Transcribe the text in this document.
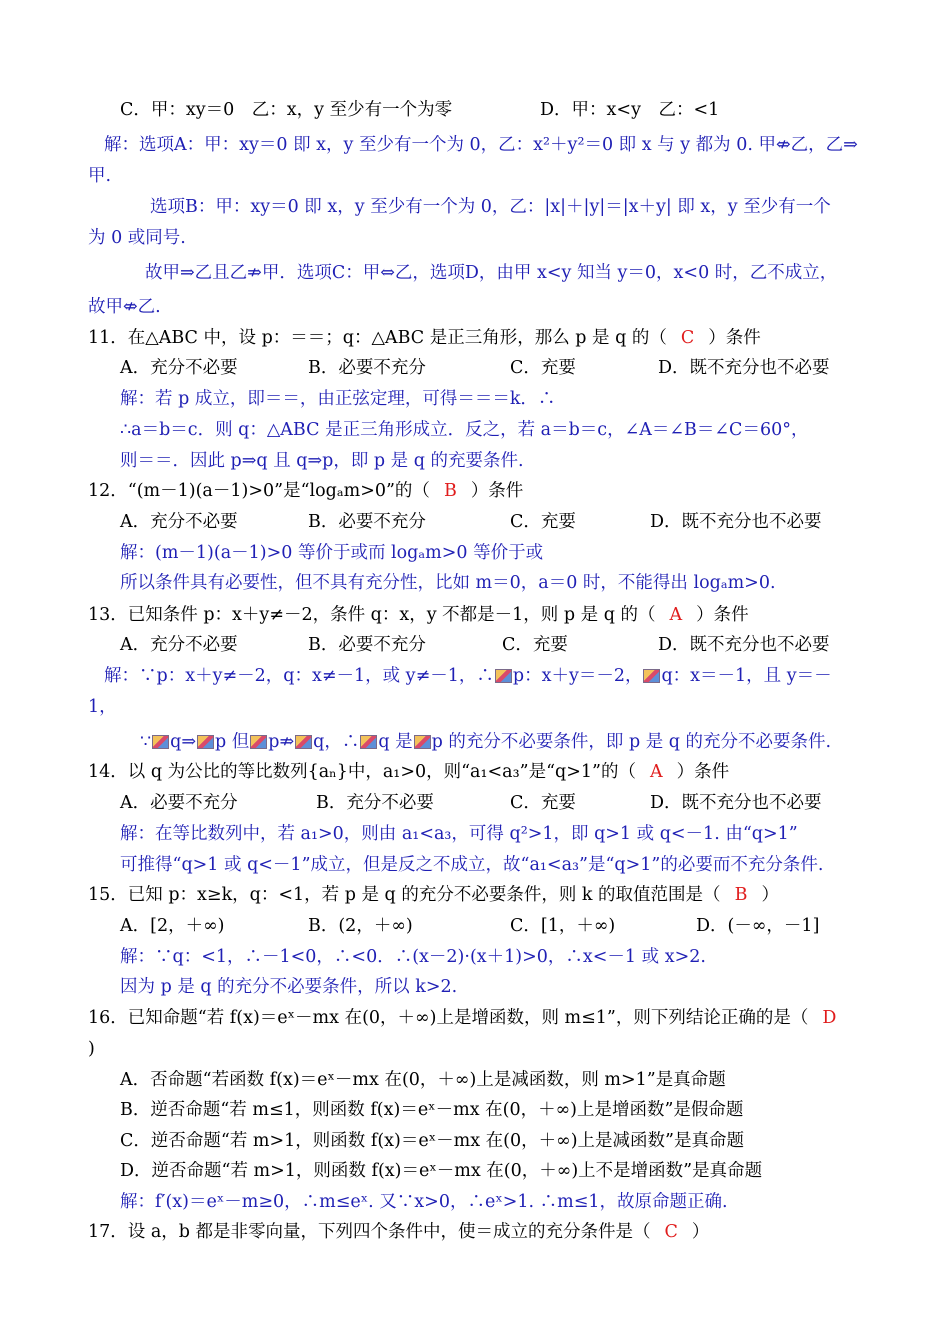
C．甲：xy＝0　乙：x，y 至少有一个为零	D．甲：x<y　乙：<1
解：选项A：甲：xy＝0 即 x，y 至少有一个为 0，乙：x²＋y²＝0 即 x 与 y 都为 0. 甲⇎乙，乙⇒
甲.
选项B：甲：xy＝0 即 x，y 至少有一个为 0，乙：|x|＋|y|＝|x＋y| 即 x，y 至少有一个
为 0 或同号.
故甲⇒乙且乙⇏甲．选项C：甲⇔乙，选项D，由甲 x<y 知当 y＝0，x<0 时，乙不成立，
故甲⇎乙.
11．在△ABC 中，设 p：＝＝；q：△ABC 是正三角形，那么 p 是 q 的（ C ）条件
A．充分不必要	B．必要不充分	C．充要	D．既不充分也不必要
解：若 p 成立，即＝＝，由正弦定理，可得＝＝＝k．∴
∴a＝b＝c．则 q：△ABC 是正三角形成立．反之，若 a＝b＝c，∠A＝∠B＝∠C＝60°，
则＝＝．因此 p⇒q 且 q⇒p，即 p 是 q 的充要条件.
12．“(m－1)(a－1)>0”是“logₐm>0”的（ B ）条件
A．充分不必要	B．必要不充分	C．充要	D．既不充分也不必要
解：(m－1)(a－1)>0 等价于或而 logₐm>0 等价于或
所以条件具有必要性，但不具有充分性，比如 m＝0，a＝0 时，不能得出 logₐm>0.
13．已知条件 p：x＋y≠－2，条件 q：x，y 不都是－1，则 p 是 q 的（ A ）条件
A．充分不必要	B．必要不充分	C．充要	D．既不充分也不必要
解：∵p：x＋y≠－2，q：x≠－1，或 y≠－1，∴ p：x＋y＝－2， q：x＝－1，且 y＝－
1，
∵ q⇒ p 但 p⇏ q，∴ q 是 p 的充分不必要条件，即 p 是 q 的充分不必要条件.
14．以 q 为公比的等比数列{aₙ}中，a₁>0，则“a₁<a₃”是“q>1”的（ A ）条件
A．必要不充分	B．充分不必要	C．充要	D．既不充分也不必要
解：在等比数列中，若 a₁>0，则由 a₁<a₃，可得 q²>1，即 q>1 或 q<－1. 由“q>1”
可推得“q>1 或 q<－1”成立，但是反之不成立，故“a₁<a₃”是“q>1”的必要而不充分条件.
15．已知 p：x≥k，q：<1，若 p 是 q 的充分不必要条件，则 k 的取值范围是（ B ）
A．[2，＋∞)	B．(2，＋∞)	C．[1，＋∞)	D．(－∞，－1]
解：∵q：<1，∴－1<0，∴<0．∴(x－2)·(x＋1)>0，∴x<－1 或 x>2.
因为 p 是 q 的充分不必要条件，所以 k>2.
16．已知命题“若 f(x)＝eˣ－mx 在(0，＋∞)上是增函数，则 m≤1”，则下列结论正确的是（ D
)
A．否命题“若函数 f(x)＝eˣ－mx 在(0，＋∞)上是减函数，则 m>1”是真命题
B．逆否命题“若 m≤1，则函数 f(x)＝eˣ－mx 在(0，＋∞)上是增函数”是假命题
C．逆否命题“若 m>1，则函数 f(x)＝eˣ－mx 在(0，＋∞)上是减函数”是真命题
D．逆否命题“若 m>1，则函数 f(x)＝eˣ－mx 在(0，＋∞)上不是增函数”是真命题
解：f′(x)＝eˣ－m≥0，∴m≤eˣ. 又∵x>0，∴eˣ>1. ∴m≤1，故原命题正确.
17．设 a，b 都是非零向量，下列四个条件中，使＝成立的充分条件是（ C ）
